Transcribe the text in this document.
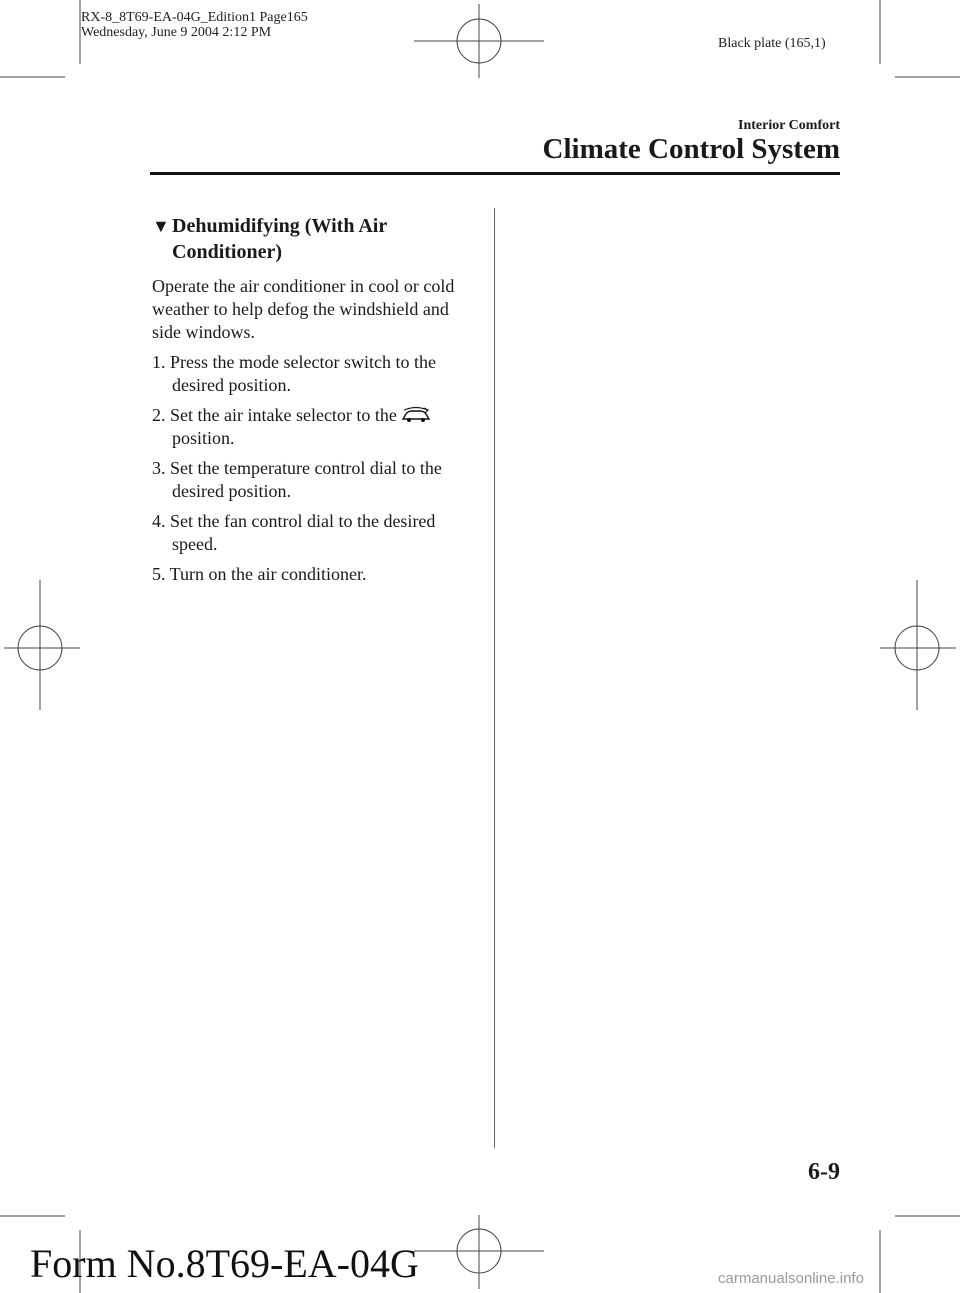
RX-8_8T69-EA-04G_Edition1 Page165
Wednesday, June 9 2004 2:12 PM
Black plate (165,1)
Interior Comfort
Climate Control System
▼ Dehumidifying (With Air
Conditioner)
Operate the air conditioner in cool or cold weather to help defog the windshield and side windows.
1. Press the mode selector switch to the desired position.
2. Set the air intake selector to the
position.
3. Set the temperature control dial to the desired position.
4. Set the fan control dial to the desired speed.
5. Turn on the air conditioner.
6-9
Form No.8T69-EA-04G	carmanualsonline.info
